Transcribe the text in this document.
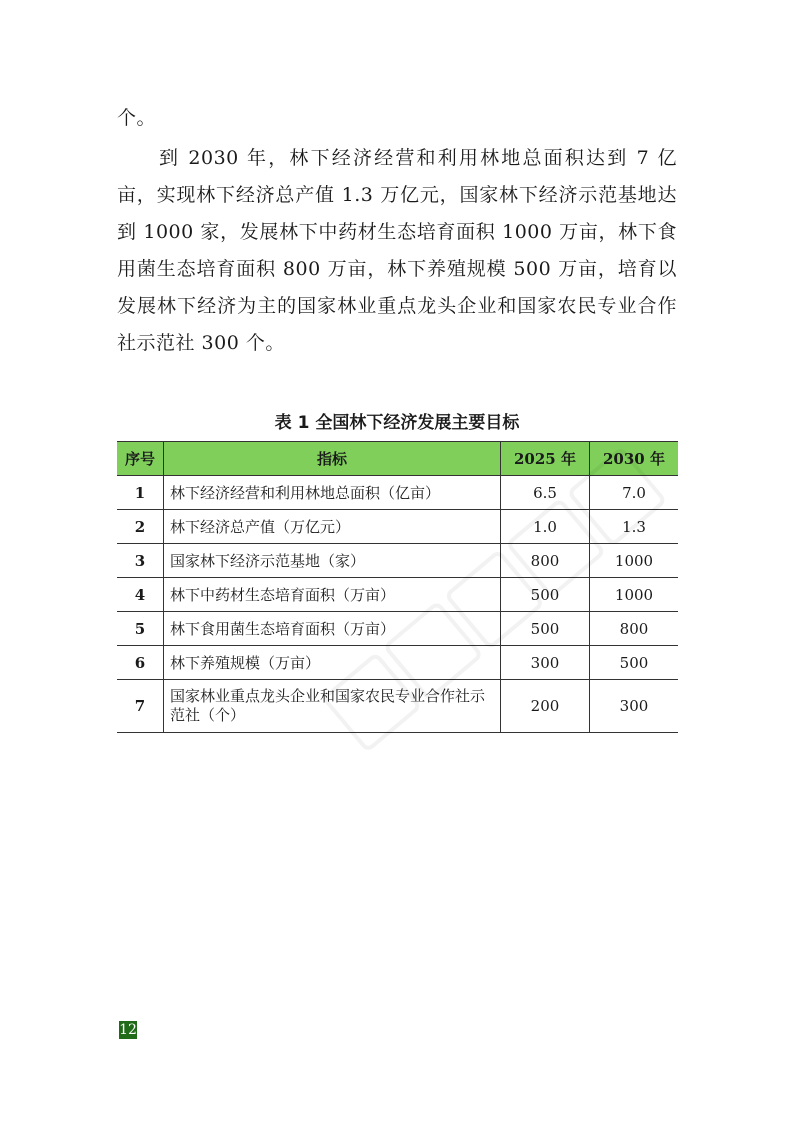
个。

到 2030 年，林下经济经营和利用林地总面积达到 7 亿亩，实现林下经济总产值 1.3 万亿元，国家林下经济示范基地达到 1000 家，发展林下中药材生态培育面积 1000 万亩，林下食用菌生态培育面积 800 万亩，林下养殖规模 500 万亩，培育以发展林下经济为主的国家林业重点龙头企业和国家农民专业合作社示范社 300 个。

表 1 全国林下经济发展主要目标

序号	指标	2025 年	2030 年
1	林下经济经营和利用林地总面积（亿亩）	6.5	7.0
2	林下经济总产值（万亿元）	1.0	1.3
3	国家林下经济示范基地（家）	800	1000
4	林下中药材生态培育面积（万亩）	500	1000
5	林下食用菌生态培育面积（万亩）	500	800
6	林下养殖规模（万亩）	300	500
7	国家林业重点龙头企业和国家农民专业合作社示范社（个）	200	300
12
